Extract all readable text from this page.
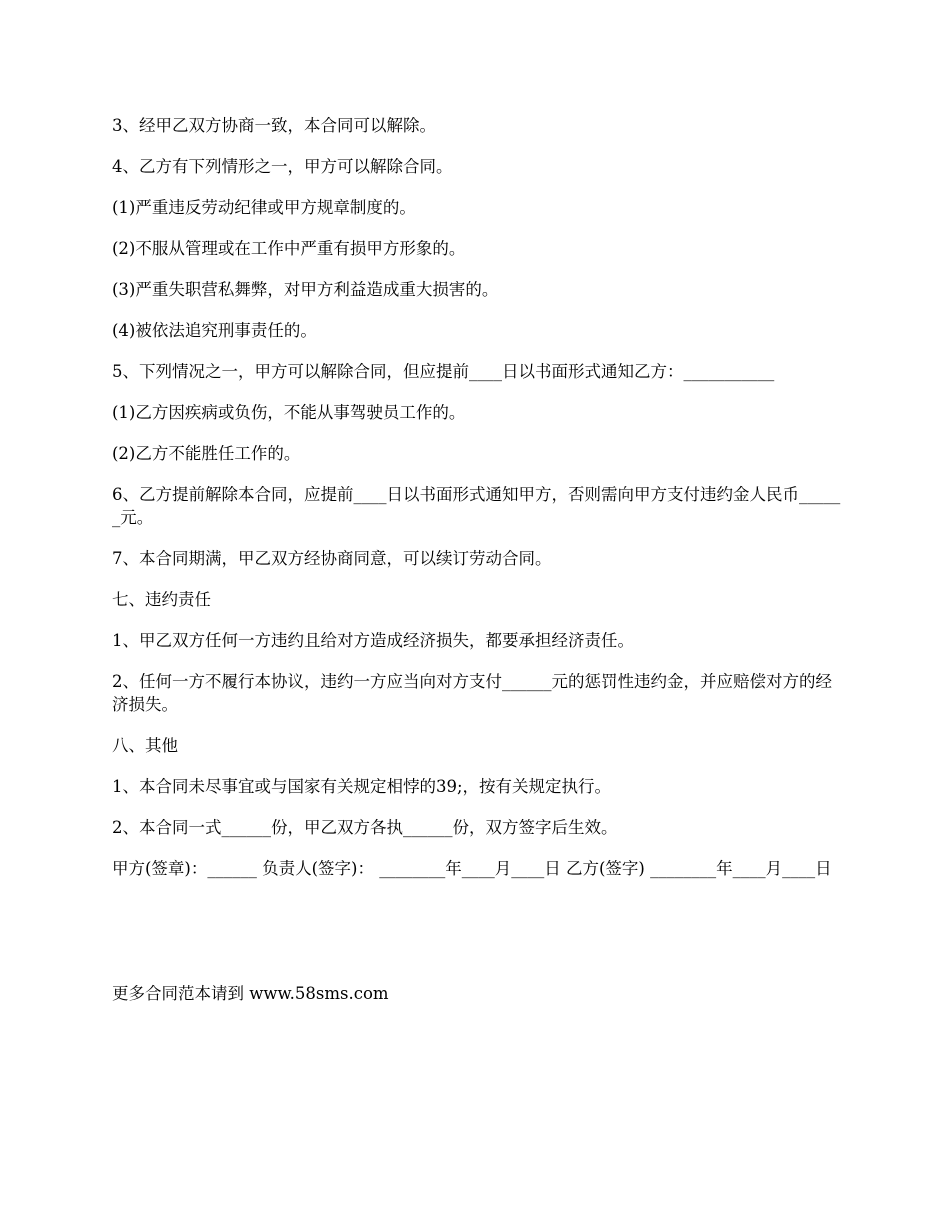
3、经甲乙双方协商一致，本合同可以解除。

4、乙方有下列情形之一，甲方可以解除合同。

(1)严重违反劳动纪律或甲方规章制度的。

(2)不服从管理或在工作中严重有损甲方形象的。

(3)严重失职营私舞弊，对甲方利益造成重大损害的。

(4)被依法追究刑事责任的。

5、下列情况之一，甲方可以解除合同，但应提前____日以书面形式通知乙方：___________

(1)乙方因疾病或负伤，不能从事驾驶员工作的。

(2)乙方不能胜任工作的。

6、乙方提前解除本合同，应提前____日以书面形式通知甲方，否则需向甲方支付违约金人民币______元。

7、本合同期满，甲乙双方经协商同意，可以续订劳动合同。

七、违约责任

1、甲乙双方任何一方违约且给对方造成经济损失，都要承担经济责任。

2、任何一方不履行本协议，违约一方应当向对方支付______元的惩罚性违约金，并应赔偿对方的经济损失。

八、其他

1、本合同未尽事宜或与国家有关规定相悖的39;，按有关规定执行。

2、本合同一式______份，甲乙双方各执______份，双方签字后生效。

甲方(签章)：______ 负责人(签字)： ________年____月____日 乙方(签字) ________年____月____日

更多合同范本请到 www.58sms.com
